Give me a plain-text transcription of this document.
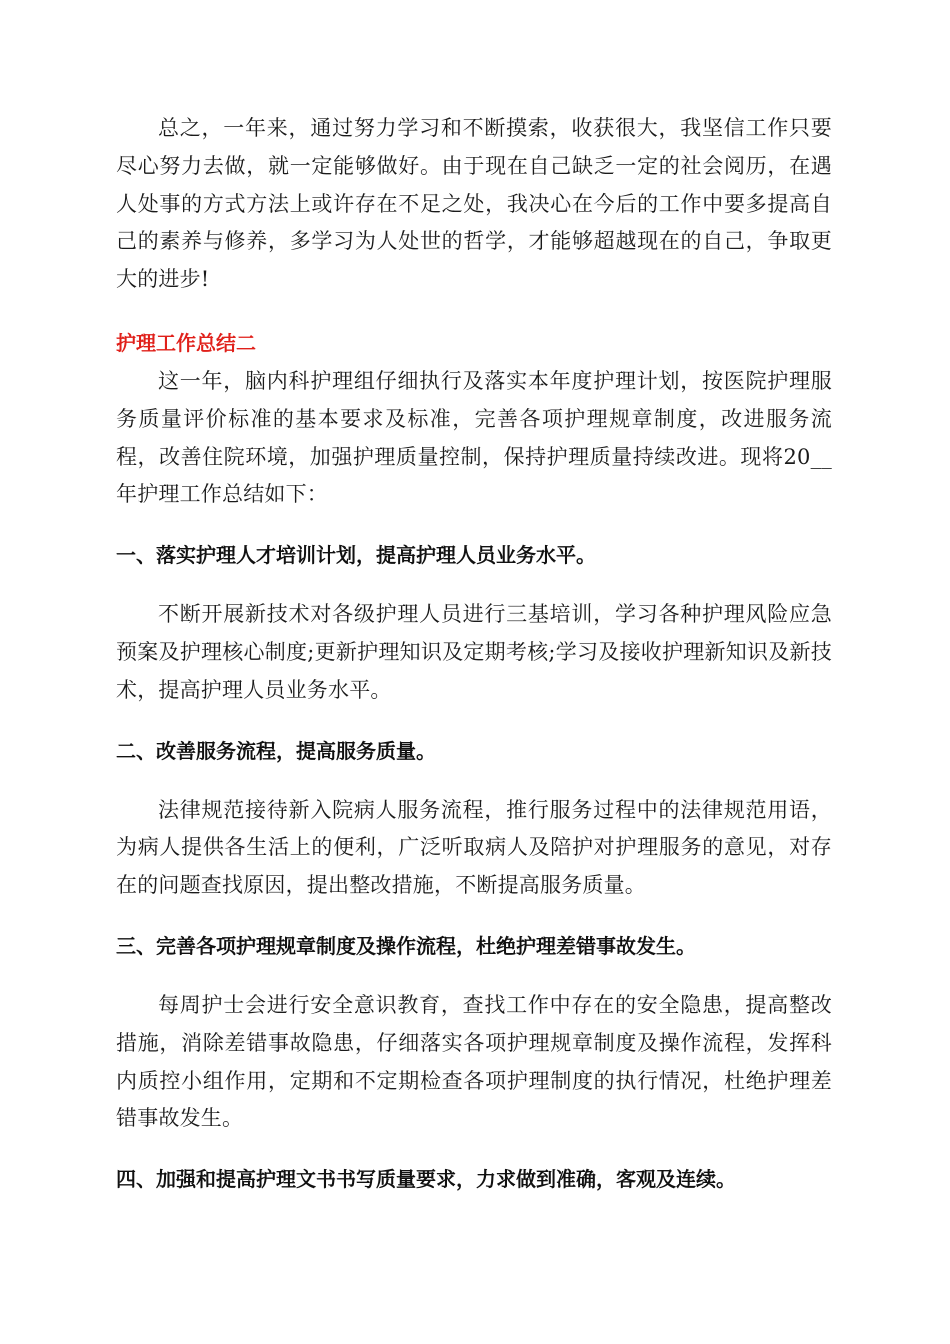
总之，一年来，通过努力学习和不断摸索，收获很大，我坚信工作只要尽心努力去做，就一定能够做好。由于现在自己缺乏一定的社会阅历，在遇人处事的方式方法上或许存在不足之处，我决心在今后的工作中要多提高自己的素养与修养，多学习为人处世的哲学，才能够超越现在的自己，争取更大的进步!

护理工作总结二

这一年，脑内科护理组仔细执行及落实本年度护理计划，按医院护理服务质量评价标准的基本要求及标准，完善各项护理规章制度，改进服务流程，改善住院环境，加强护理质量控制，保持护理质量持续改进。现将20__年护理工作总结如下：

一、落实护理人才培训计划，提高护理人员业务水平。

不断开展新技术对各级护理人员进行三基培训，学习各种护理风险应急预案及护理核心制度;更新护理知识及定期考核;学习及接收护理新知识及新技术，提高护理人员业务水平。

二、改善服务流程，提高服务质量。

法律规范接待新入院病人服务流程，推行服务过程中的法律规范用语，为病人提供各生活上的便利，广泛听取病人及陪护对护理服务的意见，对存在的问题查找原因，提出整改措施，不断提高服务质量。

三、完善各项护理规章制度及操作流程，杜绝护理差错事故发生。

每周护士会进行安全意识教育，查找工作中存在的安全隐患，提高整改措施，消除差错事故隐患，仔细落实各项护理规章制度及操作流程，发挥科内质控小组作用，定期和不定期检查各项护理制度的执行情况，杜绝护理差错事故发生。

四、加强和提高护理文书书写质量要求，力求做到准确，客观及连续。
